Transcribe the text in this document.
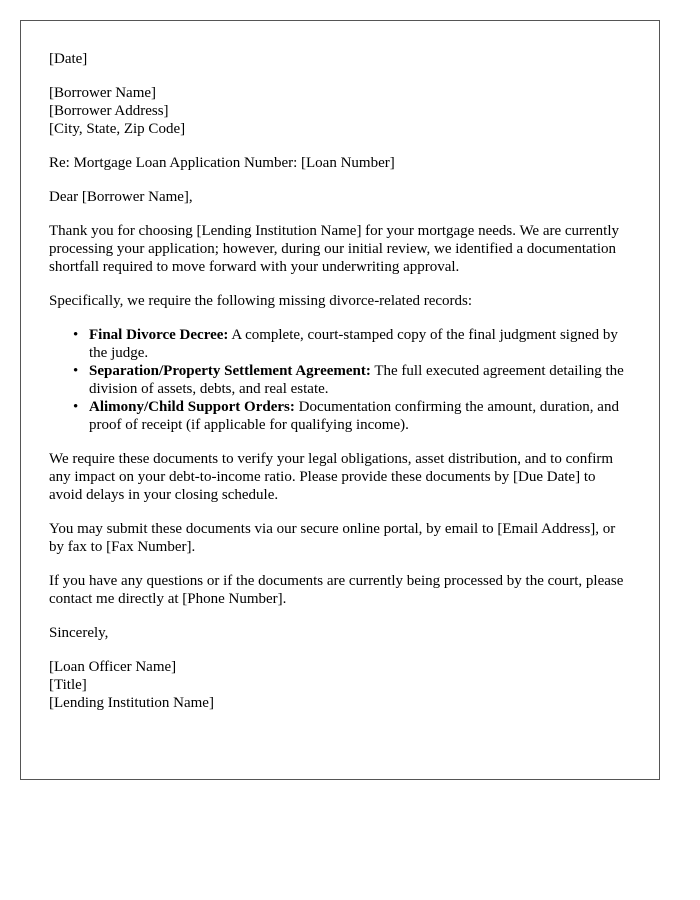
[Date]
[Borrower Name]
[Borrower Address]
[City, State, Zip Code]
Re: Mortgage Loan Application Number: [Loan Number]
Dear [Borrower Name],
Thank you for choosing [Lending Institution Name] for your mortgage needs. We are currently processing your application; however, during our initial review, we identified a documentation shortfall required to move forward with your underwriting approval.
Specifically, we require the following missing divorce-related records:
• Final Divorce Decree: A complete, court-stamped copy of the final judgment signed by the judge.
• Separation/Property Settlement Agreement: The full executed agreement detailing the division of assets, debts, and real estate.
• Alimony/Child Support Orders: Documentation confirming the amount, duration, and proof of receipt (if applicable for qualifying income).
We require these documents to verify your legal obligations, asset distribution, and to confirm any impact on your debt-to-income ratio. Please provide these documents by [Due Date] to avoid delays in your closing schedule.
You may submit these documents via our secure online portal, by email to [Email Address], or by fax to [Fax Number].
If you have any questions or if the documents are currently being processed by the court, please contact me directly at [Phone Number].
Sincerely,
[Loan Officer Name]
[Title]
[Lending Institution Name]
